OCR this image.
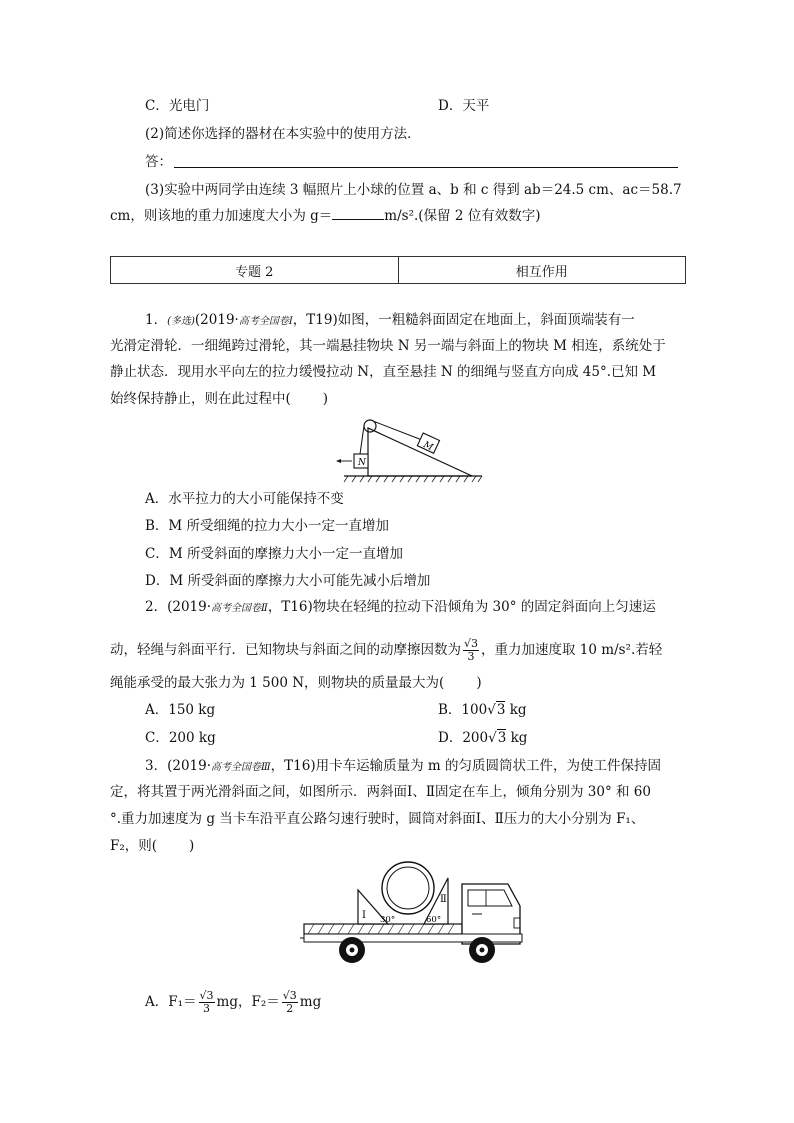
C．光电门	D．天平
(2)简述你选择的器材在本实验中的使用方法．
答：
(3)实验中两同学由连续 3 幅照片上小球的位置 a、b 和 c 得到 ab＝24.5 cm、ac＝58.7
cm，则该地的重力加速度大小为 g＝	m/s².(保留 2 位有效数字)
专题 2	相互作用
1．(多选)(2019·高考全国卷Ⅰ，T19)如图，一粗糙斜面固定在地面上，斜面顶端装有一
光滑定滑轮．一细绳跨过滑轮，其一端悬挂物块 N 另一端与斜面上的物块 M 相连，系统处于
静止状态．现用水平向左的拉力缓慢拉动 N，直至悬挂 N 的细绳与竖直方向成 45°.已知 M
始终保持静止，则在此过程中( )
M
N
A．水平拉力的大小可能保持不变
B．M 所受细绳的拉力大小一定一直增加
C．M 所受斜面的摩擦力大小一定一直增加
D．M 所受斜面的摩擦力大小可能先减小后增加
2．(2019·高考全国卷Ⅱ，T16)物块在轻绳的拉动下沿倾角为 30° 的固定斜面向上匀速运
动，轻绳与斜面平行．已知物块与斜面之间的动摩擦因数为 $\frac{√3}{3}$ ，重力加速度取 10 m/s².若轻
绳能承受的最大张力为 1 500 N，则物块的质量最大为( )
A．150 kg	B．100√3 kg
C．200 kg	D．200√3 kg
3．(2019·高考全国卷Ⅲ，T16)用卡车运输质量为 m 的匀质圆筒状工件，为使工件保持固
定，将其置于两光滑斜面之间，如图所示．两斜面Ⅰ、Ⅱ固定在车上，倾角分别为 30° 和 60
°.重力加速度为 g 当卡车沿平直公路匀速行驶时，圆筒对斜面Ⅰ、Ⅱ压力的大小分别为 F₁、
F₂，则( )
Ⅰ
Ⅱ
30°	60°
A．$F_1= \frac{√3}{3}$ mg，$F_2= \frac{√3}{2}$ mg
